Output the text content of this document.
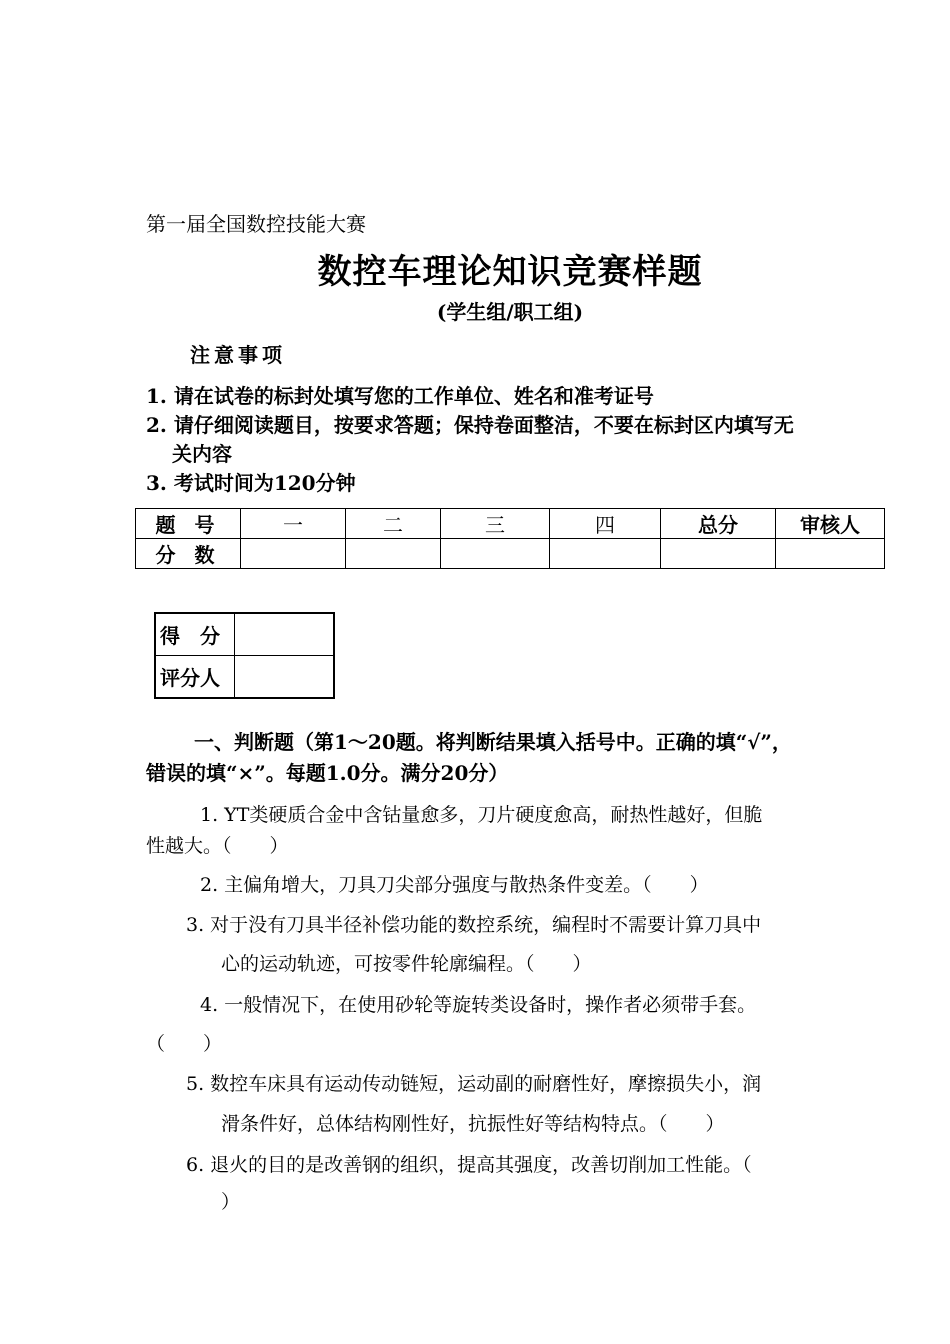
第一届全国数控技能大赛
数控车理论知识竞赛样题
(学生组/职工组)
注意事项
1. 请在试卷的标封处填写您的工作单位、姓名和准考证号
2. 请仔细阅读题目，按要求答题；保持卷面整洁，不要在标封区内填写无
关内容
3. 考试时间为120分钟
题 号	一	二	三	四	总分	审核人
分 数						
得　分	
评分人	
一、判断题（第1～20题。将判断结果填入括号中。正确的填“√”，
错误的填“×”。每题1.0分。满分20分）
1. YT类硬质合金中含钴量愈多，刀片硬度愈高，耐热性越好，但脆
性越大。（　　）
2. 主偏角增大，刀具刀尖部分强度与散热条件变差。（　　）
3. 对于没有刀具半径补偿功能的数控系统，编程时不需要计算刀具中
心的运动轨迹，可按零件轮廓编程。（　　）
4. 一般情况下，在使用砂轮等旋转类设备时，操作者必须带手套。
（　　）
5. 数控车床具有运动传动链短，运动副的耐磨性好，摩擦损失小，润
滑条件好，总体结构刚性好，抗振性好等结构特点。（　　）
6. 退火的目的是改善钢的组织，提高其强度，改善切削加工性能。（
）
